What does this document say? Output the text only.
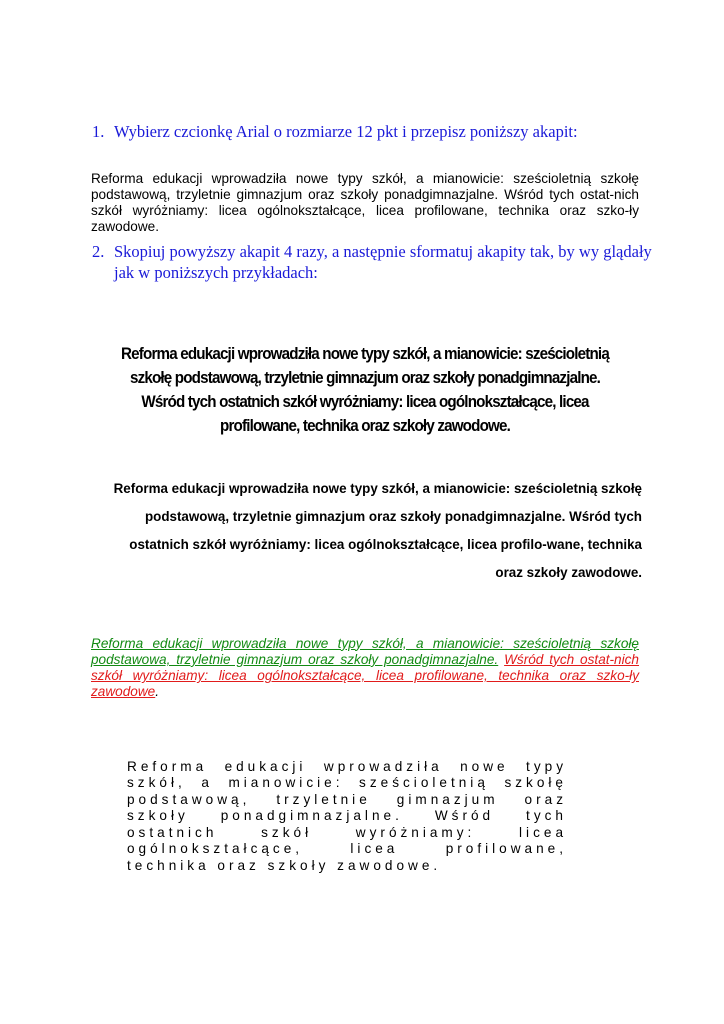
1. Wybierz czcionkę Arial o rozmiarze 12 pkt i przepisz poniższy akapit:

Reforma edukacji wprowadziła nowe typy szkół, a mianowicie: sześcioletnią szkołę podstawową, trzyletnie gimnazjum oraz szkoły ponadgimnazjalne. Wśród tych ostat-nich szkół wyróżniamy: licea ogólnokształcące, licea profilowane, technika oraz szko-ły zawodowe.

2. Skopiuj powyższy akapit 4 razy, a następnie sformatuj akapity tak, by wy glądały jak w poniższych przykładach:

Reforma edukacji wprowadziła nowe typy szkół, a mianowicie: sześcioletnią szkołę podstawową, trzyletnie gimnazjum oraz szkoły ponadgimnazjalne. Wśród tych ostatnich szkół wyróżniamy: licea ogólnokształcące, licea profilowane, technika oraz szkoły zawodowe.

Reforma edukacji wprowadziła nowe typy szkół, a mianowicie: sześcioletnią szkołę podstawową, trzyletnie gimnazjum oraz szkoły ponadgimnazjalne. Wśród tych ostatnich szkół wyróżniamy: licea ogólnokształcące, licea profilo-wane, technika oraz szkoły zawodowe.

Reforma edukacji wprowadziła nowe typy szkół, a mianowicie: sześcioletnią szkołę podstawowa, trzyletnie gimnazjum oraz szkoły ponadgimnazjalne. Wśród tych ostat-nich szkół wyróżniamy: licea ogólnokształcące, licea profilowane, technika oraz szko-ły zawodowe.

Reforma edukacji wprowadziła nowe typy szkół, a mianowicie: sześcioletnią szkołę podstawową, trzyletnie gimnazjum oraz szkoły ponadgimnazjalne. Wśród tych ostatnich szkół wyróżniamy: licea ogólnokształcące, licea profilowane, technika oraz szkoły zawodowe.
